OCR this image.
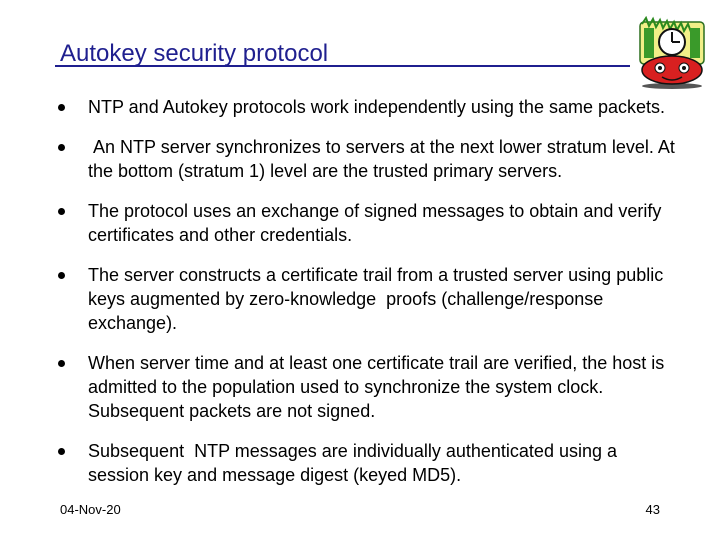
Autokey security protocol
NTP and Autokey protocols work independently using the same packets.
An NTP server synchronizes to servers at the next lower stratum level. At the bottom (stratum 1) level are the trusted primary servers.
The protocol uses an exchange of signed messages to obtain and verify certificates and other credentials.
The server constructs a certificate trail from a trusted server using public keys augmented by zero-knowledge  proofs (challenge/response exchange).
When server time and at least one certificate trail are verified, the host is admitted to the population used to synchronize the system clock. Subsequent packets are not signed.
Subsequent  NTP messages are individually authenticated using a session key and message digest (keyed MD5).
04-Nov-20	43
